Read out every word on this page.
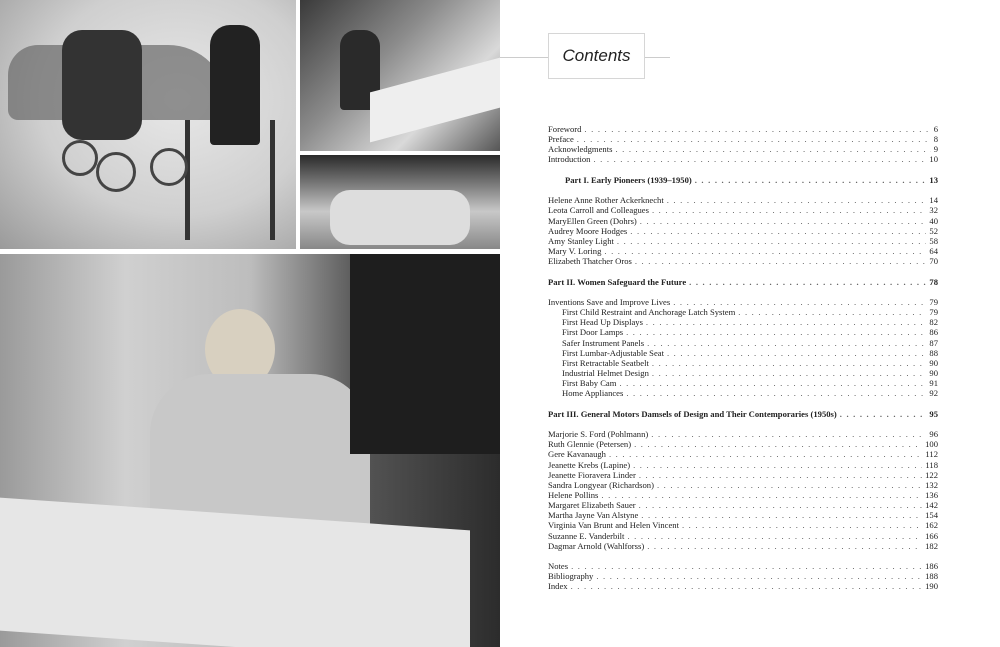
Contents
Foreword . . .	6
Preface . . .	8
Acknowledgments . . .	9
Introduction . . .	10
Part I. Early Pioneers (1939–1950) . . .	13
Helene Anne Rother Ackerknecht . . .	14
Leota Carroll and Colleagues . . .	32
MaryEllen Green (Dohrs) . . .	40
Audrey Moore Hodges . . .	52
Amy Stanley Light . . .	58
Mary V. Loring . . .	64
Elizabeth Thatcher Oros . . .	70
Part II. Women Safeguard the Future . . .	78
Inventions Save and Improve Lives . . .	79
First Child Restraint and Anchorage Latch System . . .	79
First Head Up Displays . . .	82
First Door Lamps . . .	86
Safer Instrument Panels . . .	87
First Lumbar-Adjustable Seat . . .	88
First Retractable Seatbelt . . .	90
Industrial Helmet Design . . .	90
First Baby Cam . . .	91
Home Appliances . . .	92
Part III. General Motors Damsels of Design and Their Contemporaries (1950s) . . .	95
Marjorie S. Ford (Pohlmann) . . .	96
Ruth Glennie (Petersen) . . .	100
Gere Kavanaugh . . .	112
Jeanette Krebs (Lapine) . . .	118
Jeanette Fioravera Linder . . .	122
Sandra Longyear (Richardson) . . .	132
Helene Pollins . . .	136
Margaret Elizabeth Sauer . . .	142
Martha Jayne Van Alstyne . . .	154
Virginia Van Brunt and Helen Vincent . . .	162
Suzanne E. Vanderbilt . . .	166
Dagmar Arnold (Wahlforss) . . .	182
Notes . . .	186
Bibliography . . .	188
Index . . .	190
